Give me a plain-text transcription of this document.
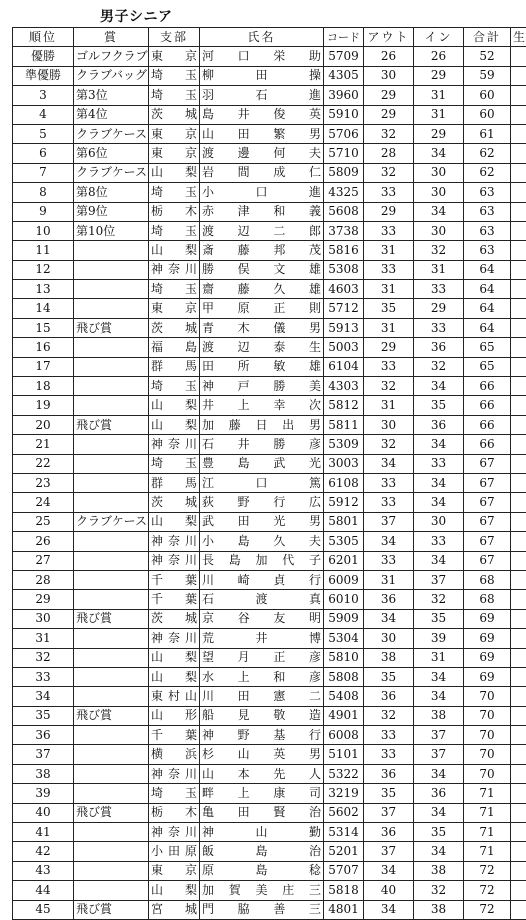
男子シニア
順位	賞	支部	氏名	コード	アウト	イン	合計	生
優勝	ゴルフクラブ	東京	河口栄助	5709	26	26	52	
準優勝	クラブバッグ	埼玉	柳田操	4305	30	29	59	
3	第3位	埼玉	羽石進	3960	29	31	60	
4	第4位	茨城	島井俊英	5910	29	31	60	
5	クラブケース	東京	山田繁男	5706	32	29	61	
6	第6位	東京	渡邊何夫	5710	28	34	62	
7	クラブケース	山梨	岩間成仁	5809	32	30	62	
8	第8位	埼玉	小口進	4325	33	30	63	
9	第9位	栃木	赤津和義	5608	29	34	63	
10	第10位	埼玉	渡辺二郎	3738	33	30	63	
11		山梨	斎藤邦茂	5816	31	32	63	
12		神奈川	勝俣文雄	5308	33	31	64	
13		埼玉	齋藤久雄	4603	31	33	64	
14		東京	甲原正則	5712	35	29	64	
15	飛び賞	茨城	青木儀男	5913	31	33	64	
16		福島	渡辺泰生	5003	29	36	65	
17		群馬	田所敏雄	6104	33	32	65	
18		埼玉	神戸勝美	4303	32	34	66	
19		山梨	井上幸次	5812	31	35	66	
20	飛び賞	山梨	加藤日出男	5811	30	36	66	
21		神奈川	石井勝彦	5309	32	34	66	
22		埼玉	豊島武光	3003	34	33	67	
23		群馬	江口篤	6108	33	34	67	
24		茨城	荻野行広	5912	33	34	67	
25	クラブケース	山梨	武田光男	5801	37	30	67	
26		神奈川	小島久夫	5305	34	33	67	
27		神奈川	長島加代子	6201	33	34	67	
28		千葉	川崎貞行	6009	31	37	68	
29		千葉	石渡真	6010	36	32	68	
30	飛び賞	茨城	京谷友明	5909	34	35	69	
31		神奈川	荒井博	5304	30	39	69	
32		山梨	望月正彦	5810	38	31	69	
33		山梨	水上和彦	5808	35	34	69	
34		東村山	川田憲二	5408	36	34	70	
35	飛び賞	山形	船見敬造	4901	32	38	70	
36		千葉	神野基行	6008	33	37	70	
37		横浜	杉山英男	5101	33	37	70	
38		神奈川	山本先人	5322	36	34	70	
39		埼玉	畔上康司	3219	35	36	71	
40	飛び賞	栃木	亀田賢治	5602	37	34	71	
41		神奈川	神山勤	5314	36	35	71	
42		小田原	飯島治	5201	37	34	71	
43		東京	原島稔	5707	34	38	72	
44		山梨	加賀美庄三	5818	40	32	72	
45	飛び賞	宮城	門脇善三	4801	34	38	72	
